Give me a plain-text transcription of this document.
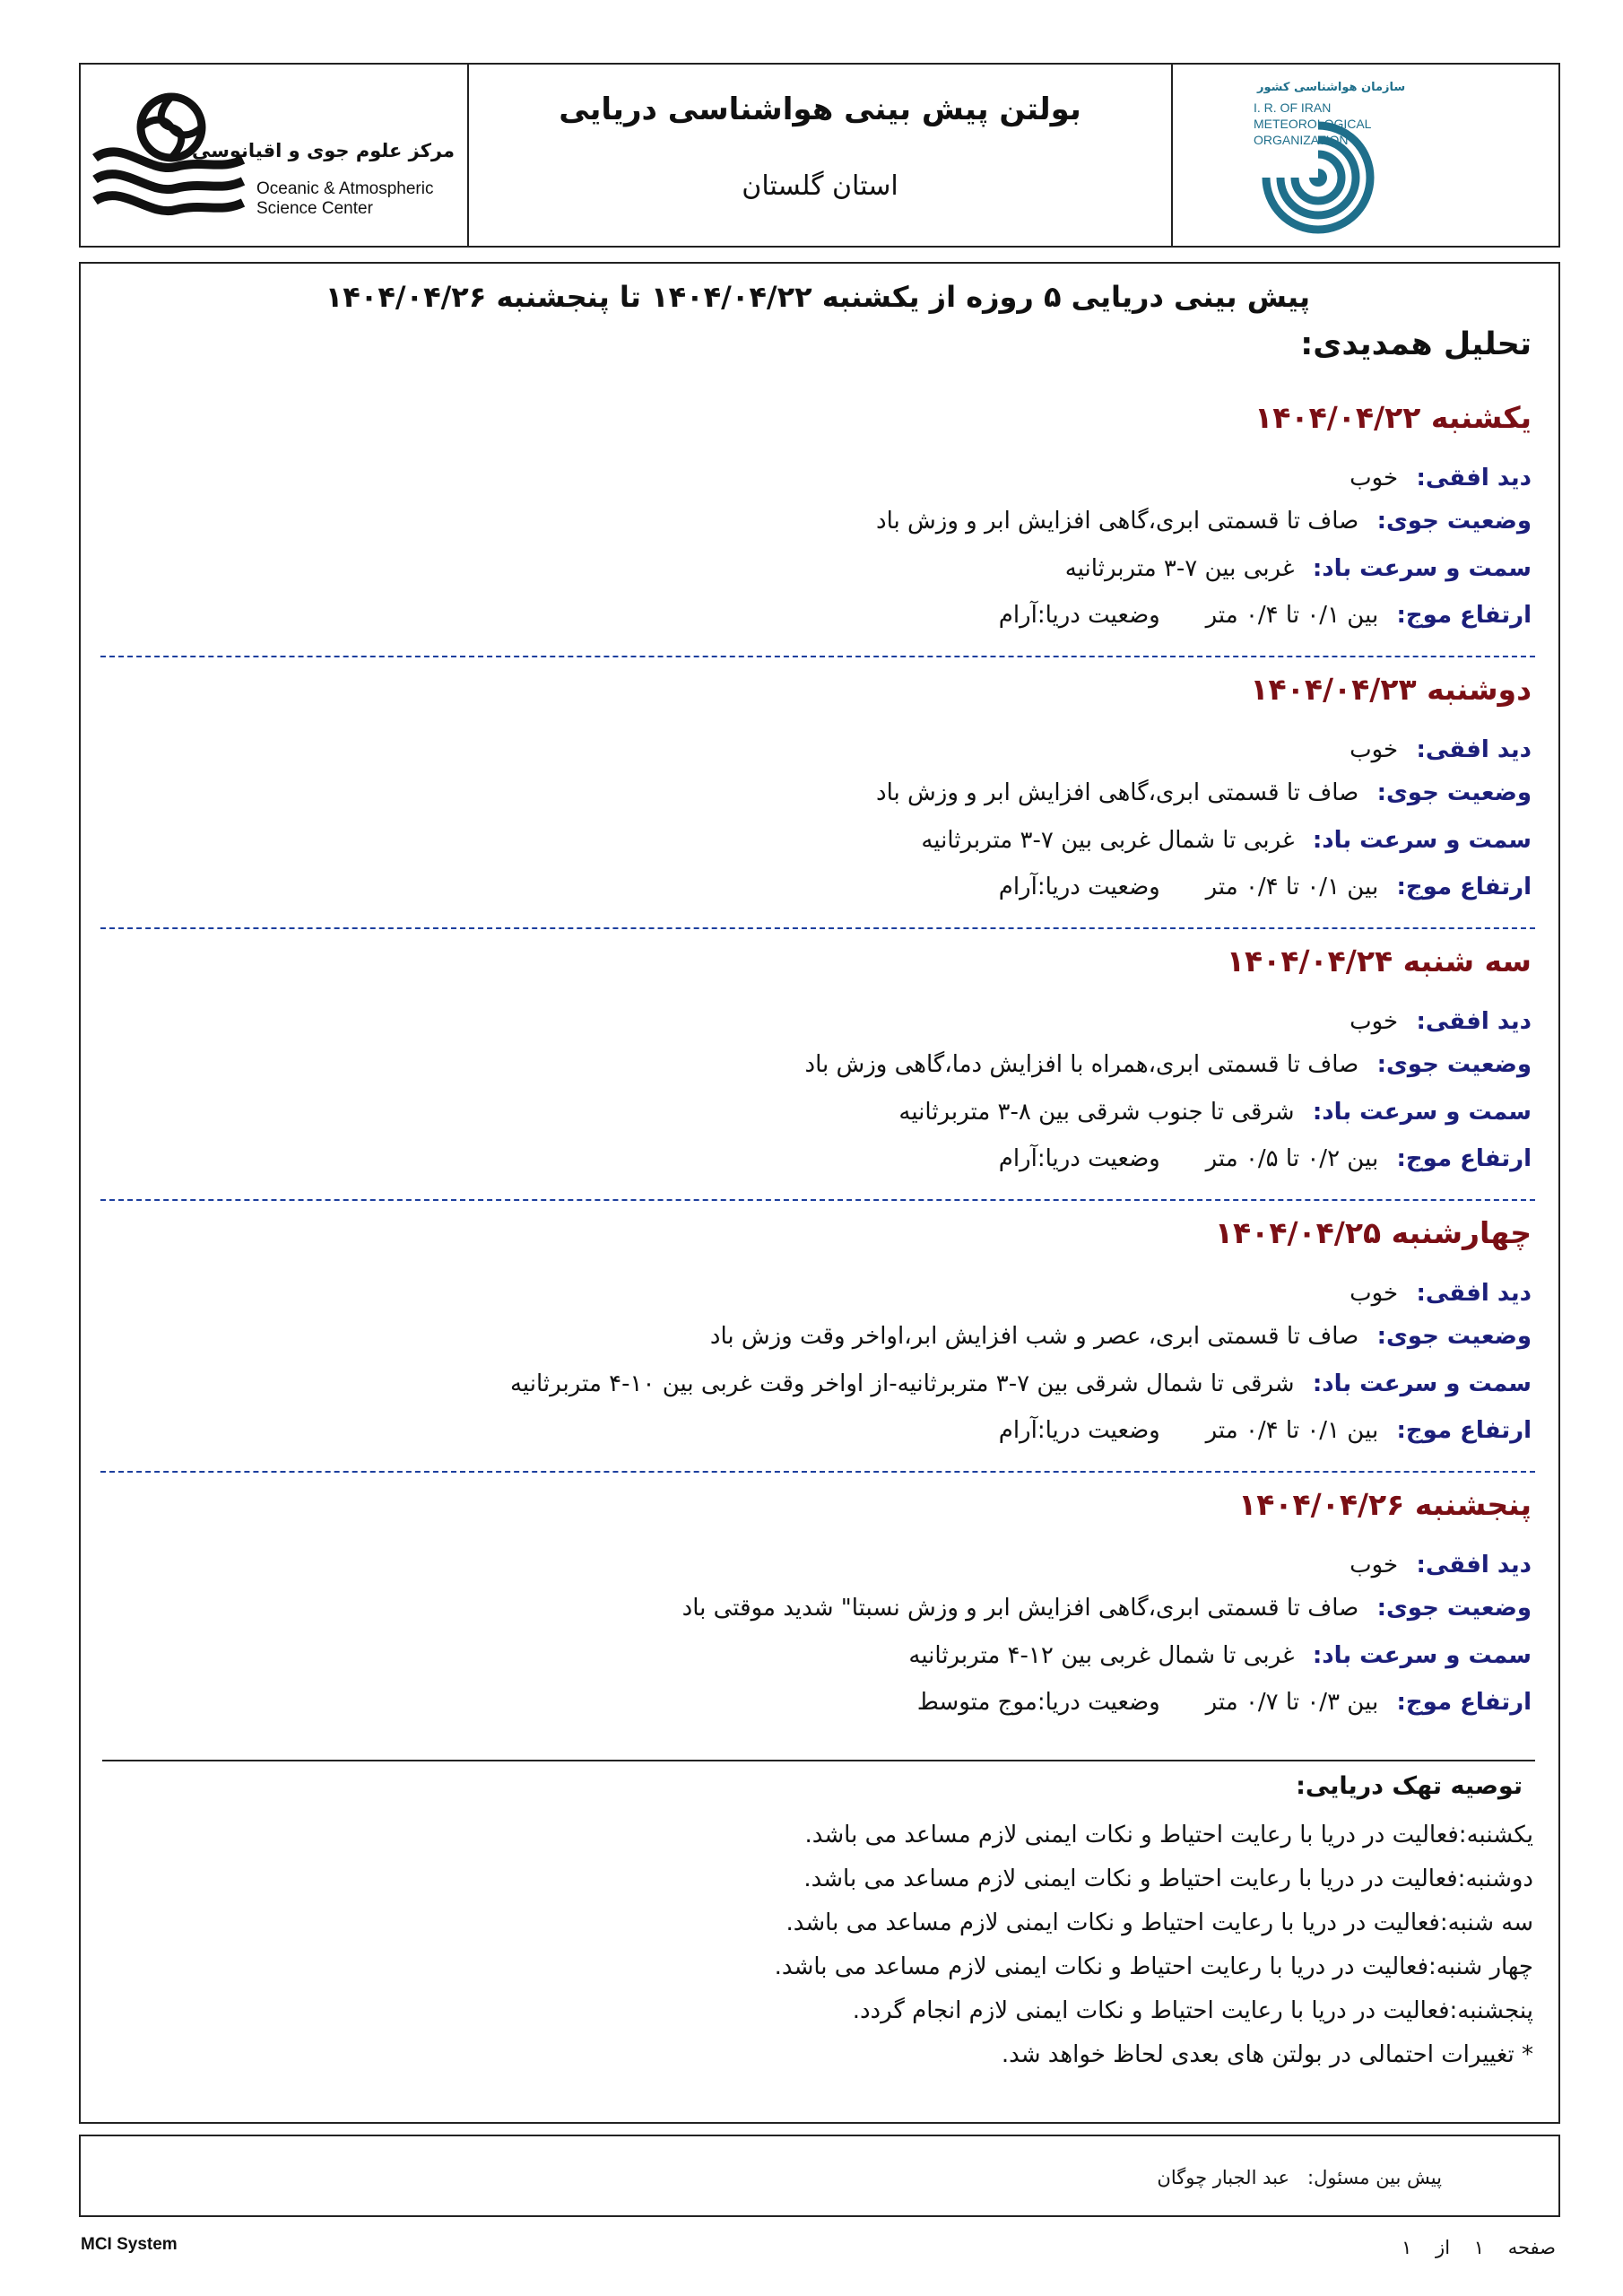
مرکز علوم جوی و اقیانوسی
Oceanic & Atmospheric
Science Center
بولتن پیش بینی هواشناسی دریایی
استان گلستان
سازمان هواشناسی کشور
I. R. OF IRAN
METEOROLOGICAL
ORGANIZATION
پیش بینی دریایی ۵ روزه از یکشنبه ۱۴۰۴/۰۴/۲۲ تا پنجشنبه ۱۴۰۴/۰۴/۲۶
تحلیل همدیدی:
یکشنبه ۱۴۰۴/۰۴/۲۲
دید افقی:    خوب
وضعیت جوی:    صاف تا قسمتی ابری،گاهی افزایش ابر و وزش باد
سمت و سرعت باد:    غربی بین ۷-۳ متربرثانیه
ارتفاع موج:    بین ۰/۱ تا ۰/۴ متر          وضعیت دریا:آرام
دوشنبه ۱۴۰۴/۰۴/۲۳
دید افقی:    خوب
وضعیت جوی:    صاف تا قسمتی ابری،گاهی افزایش ابر و وزش باد
سمت و سرعت باد:    غربی تا شمال غربی بین ۷-۳ متربرثانیه
ارتفاع موج:    بین ۰/۱ تا ۰/۴ متر          وضعیت دریا:آرام
سه شنبه ۱۴۰۴/۰۴/۲۴
دید افقی:    خوب
وضعیت جوی:    صاف تا قسمتی ابری،همراه با افزایش دما،گاهی وزش باد
سمت و سرعت باد:    شرقی تا جنوب شرقی بین ۸-۳ متربرثانیه
ارتفاع موج:    بین ۰/۲ تا ۰/۵ متر          وضعیت دریا:آرام
چهارشنبه ۱۴۰۴/۰۴/۲۵
دید افقی:    خوب
وضعیت جوی:    صاف تا قسمتی ابری، عصر و شب افزایش ابر،اواخر وقت وزش باد
سمت و سرعت باد:    شرقی تا شمال شرقی بین ۷-۳ متربرثانیه-از اواخر وقت غربی بین ۱۰-۴ متربرثانیه
ارتفاع موج:    بین ۰/۱ تا ۰/۴ متر          وضعیت دریا:آرام
پنجشنبه ۱۴۰۴/۰۴/۲۶
دید افقی:    خوب
وضعیت جوی:    صاف تا قسمتی ابری،گاهی افزایش ابر و وزش نسبتا" شدید موقتی باد
سمت و سرعت باد:    غربی تا شمال غربی بین ۱۲-۴ متربرثانیه
ارتفاع موج:    بین ۰/۳ تا ۰/۷ متر          وضعیت دریا:موج متوسط
توصیه تهک دریایی:
یکشنبه:فعالیت در دریا با رعایت احتیاط و نکات ایمنی لازم مساعد می باشد.
دوشنبه:فعالیت در دریا با رعایت احتیاط و نکات ایمنی لازم مساعد می باشد.
سه شنبه:فعالیت در دریا با رعایت احتیاط و نکات ایمنی لازم مساعد می باشد.
چهار شنبه:فعالیت در دریا با رعایت احتیاط و نکات ایمنی لازم مساعد می باشد.
پنجشنبه:فعالیت در دریا با رعایت احتیاط و نکات ایمنی لازم انجام گردد.
* تغییرات احتمالی در بولتن های بعدی لحاظ خواهد شد.
پیش بین مسئول:   عبد الجبار چوگان
MCI System	صفحه    ۱    از    ۱
